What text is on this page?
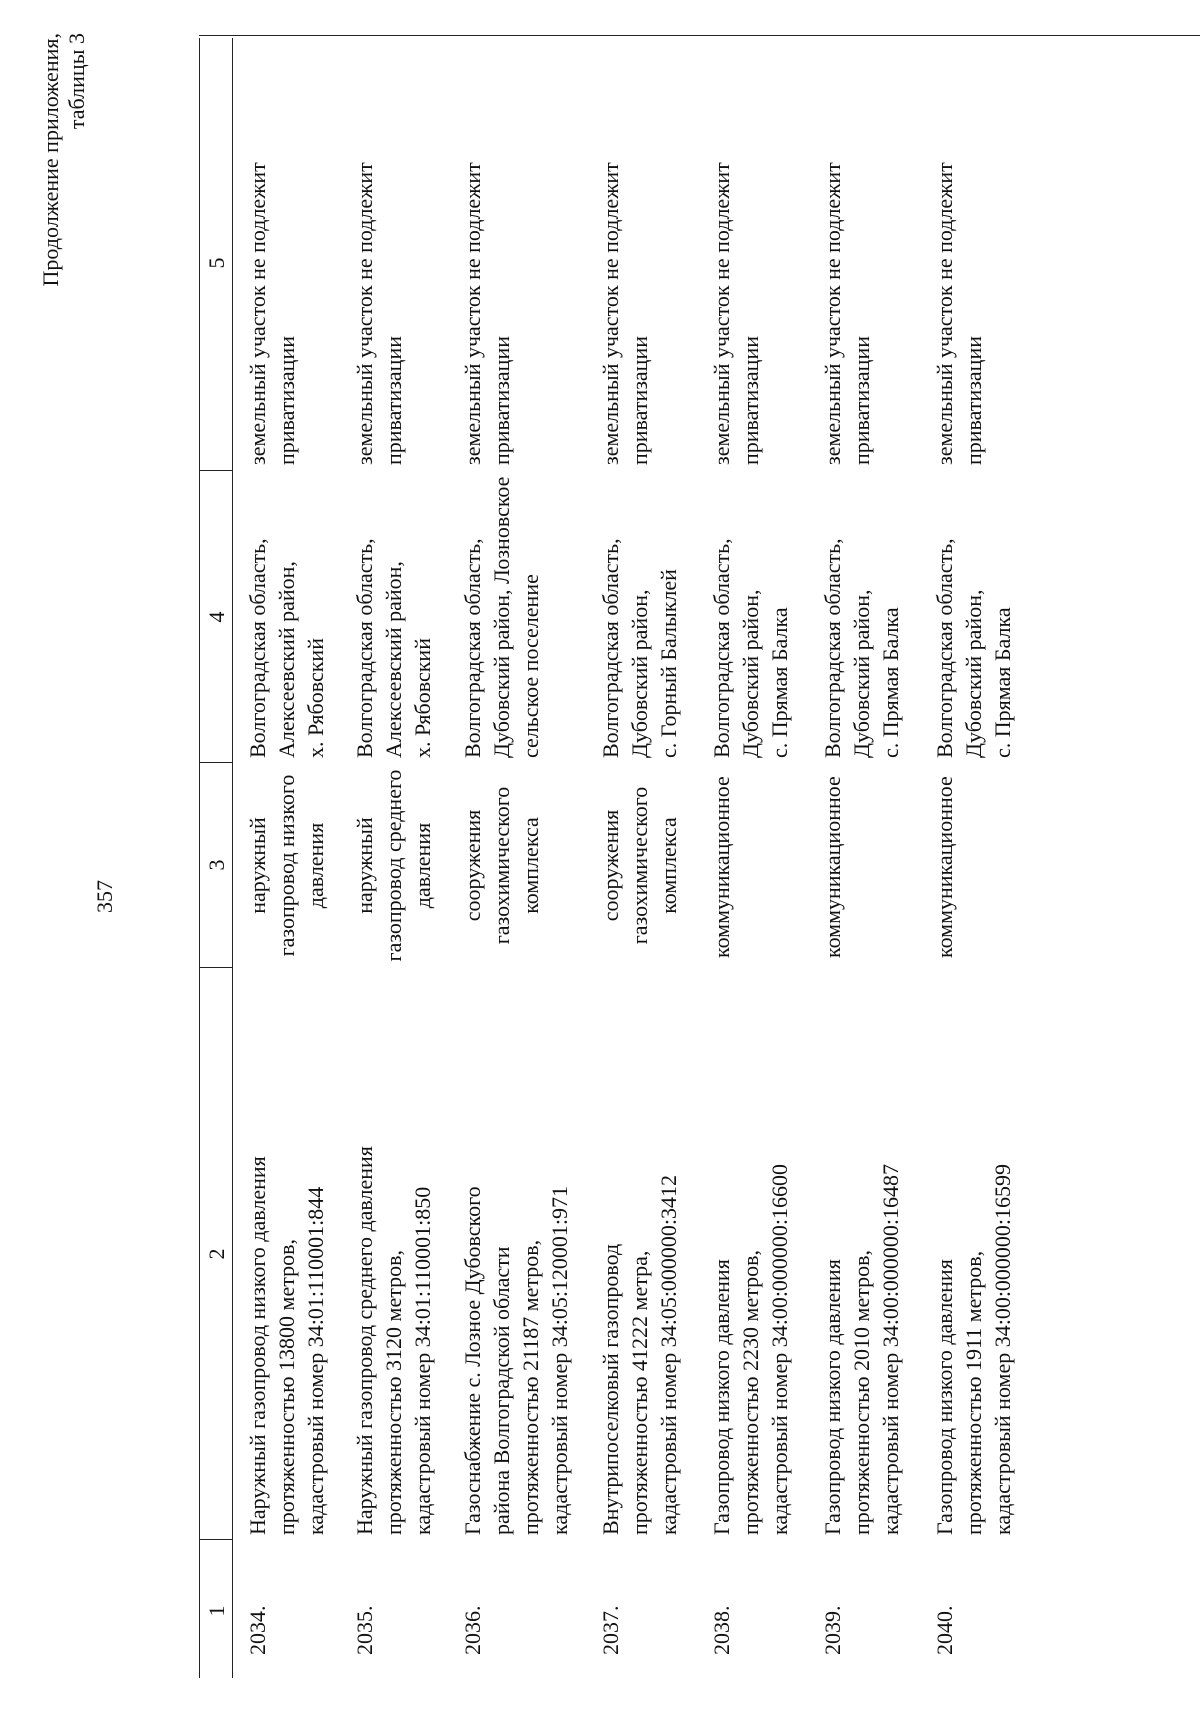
357
Продолжение приложения, таблицы 3
1
2
3
4
5
2034.
Наружный газопровод низкого давления протяженностью 13800 метров, кадастровый номер 34:01:110001:844
наружный газопровод низкого давления
Волгоградская область, Алексеевский район, х. Рябовский
земельный участок не подлежит приватизации
2035.
Наружный газопровод среднего давления протяженностью 3120 метров, кадастровый номер 34:01:110001:850
наружный газопровод среднего давления
Волгоградская область, Алексеевский район, х. Рябовский
земельный участок не подлежит приватизации
2036.
Газоснабжение с. Лозное Дубовского района Волгоградской области протяженностью 21187 метров, кадастровый номер 34:05:120001:971
сооружения газохимического комплекса
Волгоградская область, Дубовский район, Лозновское сельское поселение
земельный участок не подлежит приватизации
2037.
Внутрипоселковый газопровод протяженностью 41222 метра, кадастровый номер 34:05:000000:3412
сооружения газохимического комплекса
Волгоградская область, Дубовский район, с. Горный Балыклей
земельный участок не подлежит приватизации
2038.
Газопровод низкого давления протяженностью 2230 метров, кадастровый номер 34:00:000000:16600
коммуникационное
Волгоградская область, Дубовский район, с. Прямая Балка
земельный участок не подлежит приватизации
2039.
Газопровод низкого давления протяженностью 2010 метров, кадастровый номер 34:00:000000:16487
коммуникационное
Волгоградская область, Дубовский район, с. Прямая Балка
земельный участок не подлежит приватизации
2040.
Газопровод низкого давления протяженностью 1911 метров, кадастровый номер 34:00:000000:16599
коммуникационное
Волгоградская область, Дубовский район, с. Прямая Балка
земельный участок не подлежит приватизации
